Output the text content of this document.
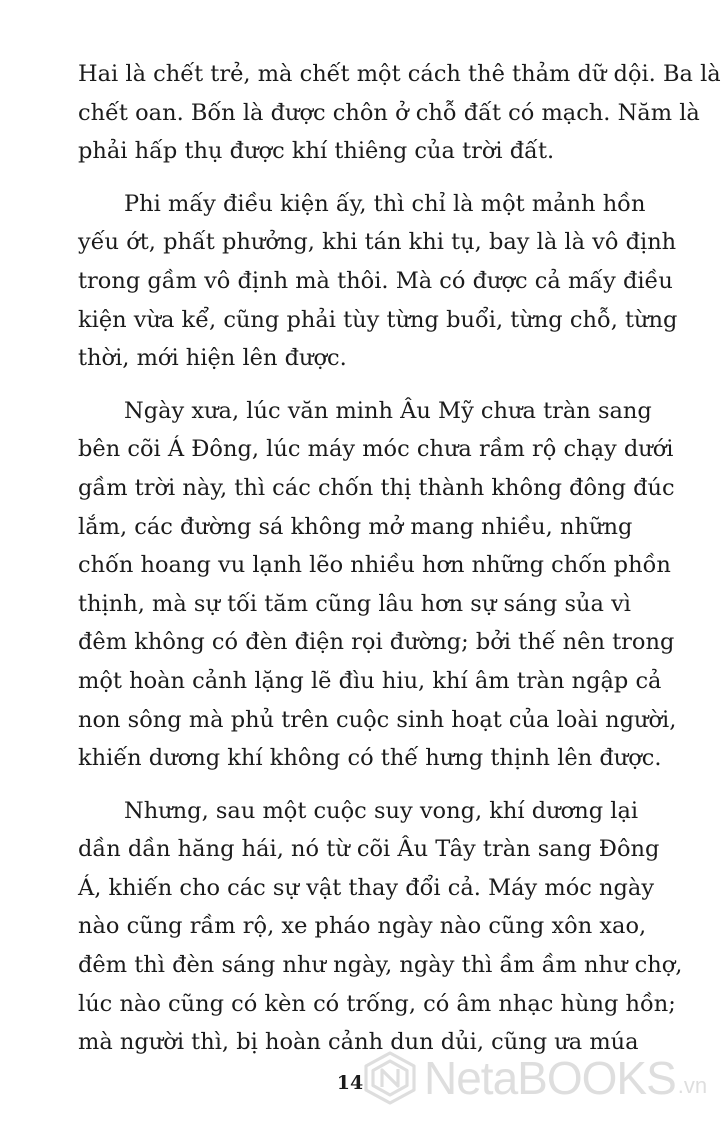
Hai là chết trẻ, mà chết một cách thê thảm dữ dội. Ba là
chết oan. Bốn là được chôn ở chỗ đất có mạch. Năm là
phải hấp thụ được khí thiêng của trời đất.
Phi mấy điều kiện ấy, thì chỉ là một mảnh hồn
yếu ớt, phất phưởng, khi tán khi tụ, bay là là vô định
trong gầm vô định mà thôi. Mà có được cả mấy điều
kiện vừa kể, cũng phải tùy từng buổi, từng chỗ, từng
thời, mới hiện lên được.
Ngày xưa, lúc văn minh Âu Mỹ chưa tràn sang
bên cõi Á Đông, lúc máy móc chưa rầm rộ chạy dưới
gầm trời này, thì các chốn thị thành không đông đúc
lắm, các đường sá không mở mang nhiều, những
chốn hoang vu lạnh lẽo nhiều hơn những chốn phồn
thịnh, mà sự tối tăm cũng lâu hơn sự sáng sủa vì
đêm không có đèn điện rọi đường; bởi thế nên trong
một hoàn cảnh lặng lẽ đìu hiu, khí âm tràn ngập cả
non sông mà phủ trên cuộc sinh hoạt của loài người,
khiến dương khí không có thế hưng thịnh lên được.
Nhưng, sau một cuộc suy vong, khí dương lại
dần dần hăng hái, nó từ cõi Âu Tây tràn sang Đông
Á, khiến cho các sự vật thay đổi cả. Máy móc ngày
nào cũng rầm rộ, xe pháo ngày nào cũng xôn xao,
đêm thì đèn sáng như ngày, ngày thì ầm ầm như chợ,
lúc nào cũng có kèn có trống, có âm nhạc hùng hồn;
mà người thì, bị hoàn cảnh dun dủi, cũng ưa múa
14	NetaBOOKS .vn
